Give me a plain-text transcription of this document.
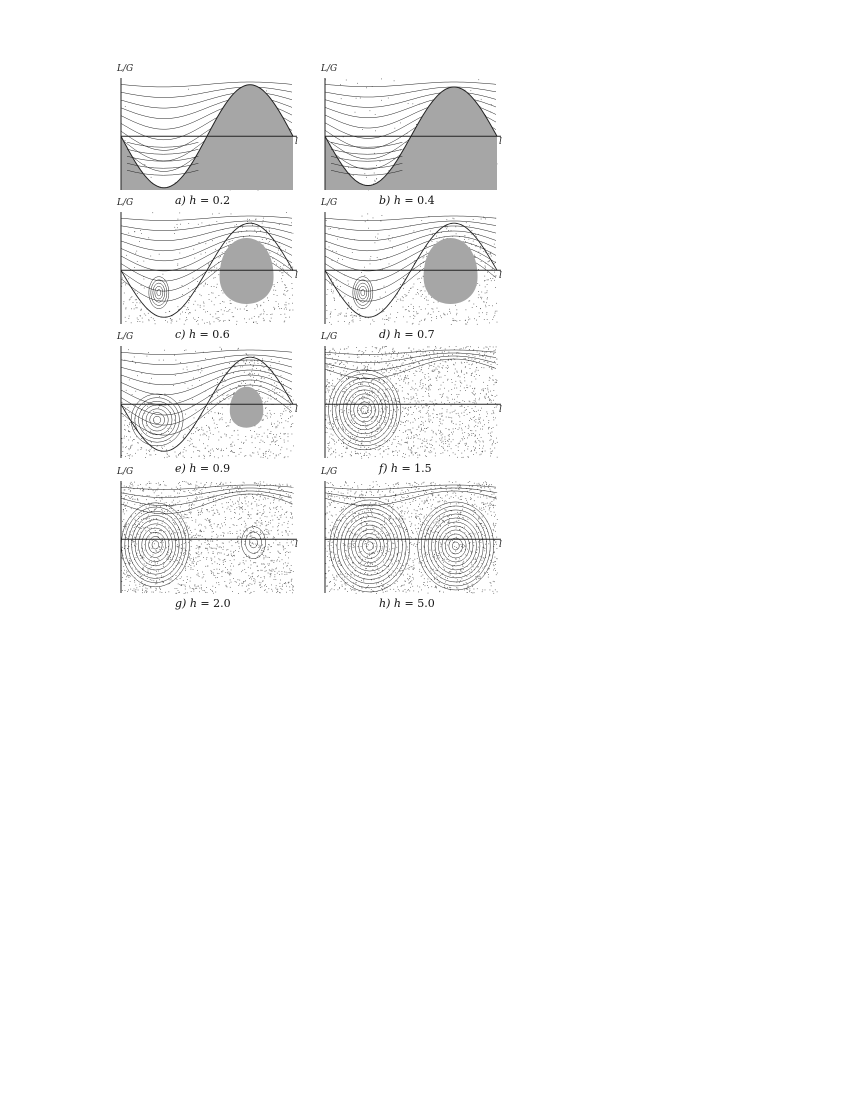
L/G
l
a) h = 0.2
L/G
l
b) h = 0.4
L/G
l
c) h = 0.6
L/G
l
d) h = 0.7
L/G
l
e) h = 0.9
L/G
l
f) h = 1.5
L/G
l
g) h = 2.0
L/G
l
h) h = 5.0
